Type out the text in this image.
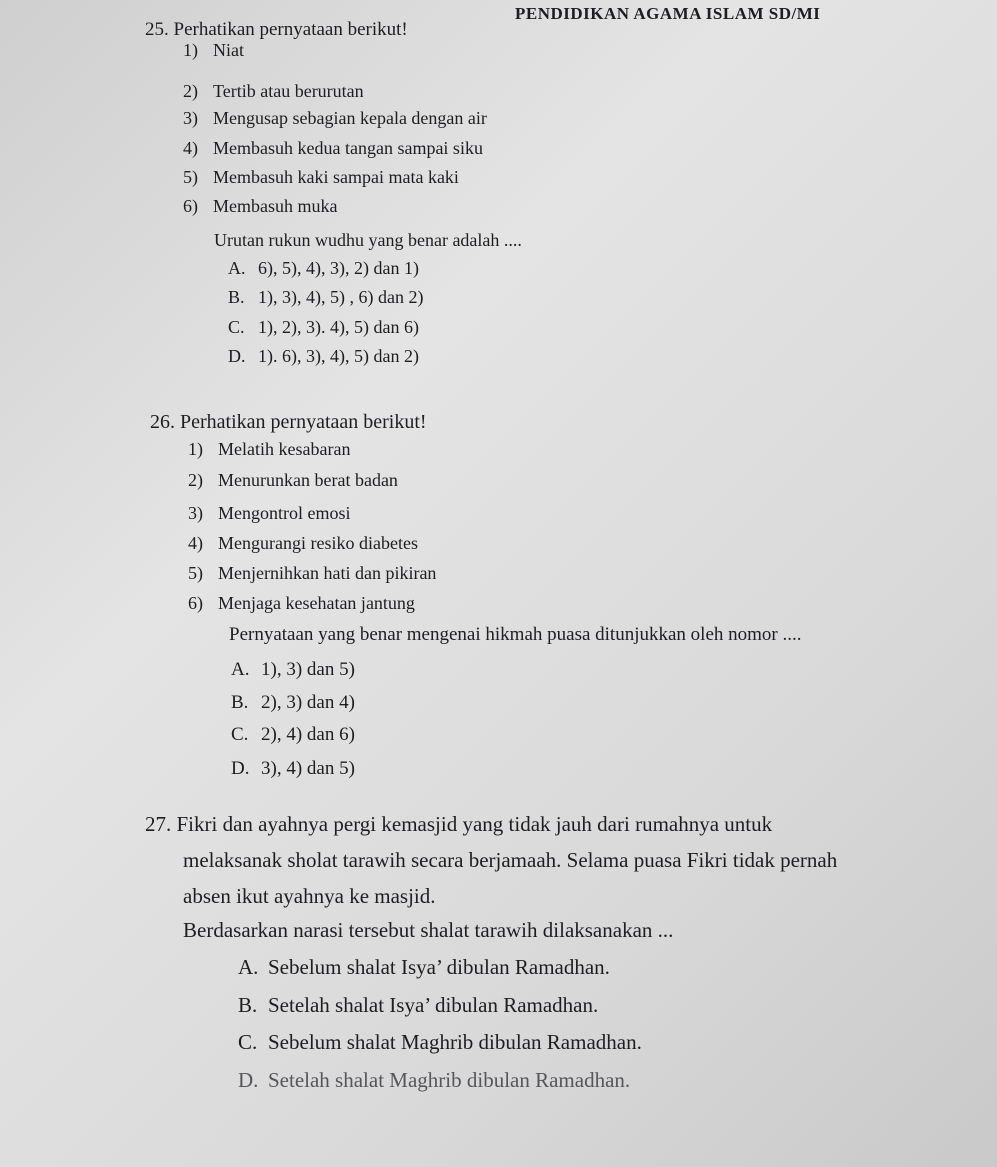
PENDIDIKAN AGAMA ISLAM SD/MI
25. Perhatikan pernyataan berikut!
1) Niat
2) Tertib atau berurutan
3) Mengusap sebagian kepala dengan air
4) Membasuh kedua tangan sampai siku
5) Membasuh kaki sampai mata kaki
6) Membasuh muka
Urutan rukun wudhu yang benar adalah ....
A. 6), 5), 4), 3), 2) dan 1)
B. 1), 3), 4), 5) , 6) dan 2)
C. 1), 2), 3). 4), 5) dan 6)
D. 1). 6), 3), 4), 5) dan 2)
26. Perhatikan pernyataan berikut!
1) Melatih kesabaran
2) Menurunkan berat badan
3) Mengontrol emosi
4) Mengurangi resiko diabetes
5) Menjernihkan hati dan pikiran
6) Menjaga kesehatan jantung
Pernyataan yang benar mengenai hikmah puasa ditunjukkan oleh nomor ....
A. 1), 3) dan 5)
B. 2), 3) dan 4)
C. 2), 4) dan 6)
D. 3), 4) dan 5)
27. Fikri dan ayahnya pergi kemasjid yang tidak jauh dari rumahnya untuk
melaksanak sholat tarawih secara berjamaah. Selama puasa Fikri tidak pernah
absen ikut ayahnya ke masjid.
Berdasarkan narasi tersebut shalat tarawih dilaksanakan ...
A. Sebelum shalat Isya’ dibulan Ramadhan.
B. Setelah shalat Isya’ dibulan Ramadhan.
C. Sebelum shalat Maghrib dibulan Ramadhan.
D. Setelah shalat Maghrib dibulan Ramadhan.
